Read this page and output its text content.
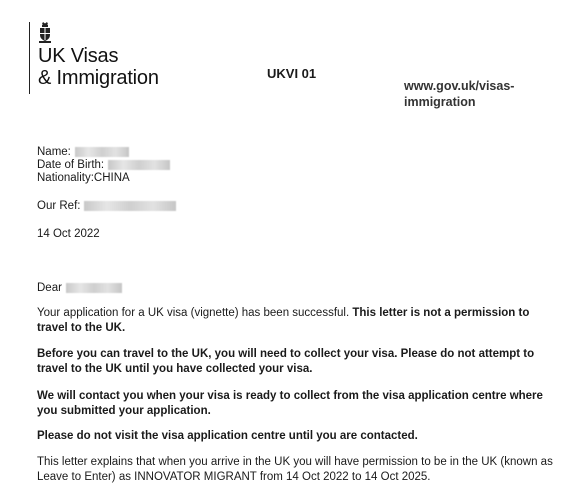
UK Visas
& Immigration	UKVI 01
www.gov.uk/visas-immigration
Name:
Date of Birth:
Nationality:CHINA
Our Ref:
14 Oct 2022
Dear

Your application for a UK visa (vignette) has been successful. This letter is not a permission to travel to the UK.

Before you can travel to the UK, you will need to collect your visa. Please do not attempt to travel to the UK until you have collected your visa.

We will contact you when your visa is ready to collect from the visa application centre where you submitted your application.

Please do not visit the visa application centre until you are contacted.

This letter explains that when you arrive in the UK you will have permission to be in the UK (known as Leave to Enter) as INNOVATOR MIGRANT from 14 Oct 2022 to 14 Oct 2025.
